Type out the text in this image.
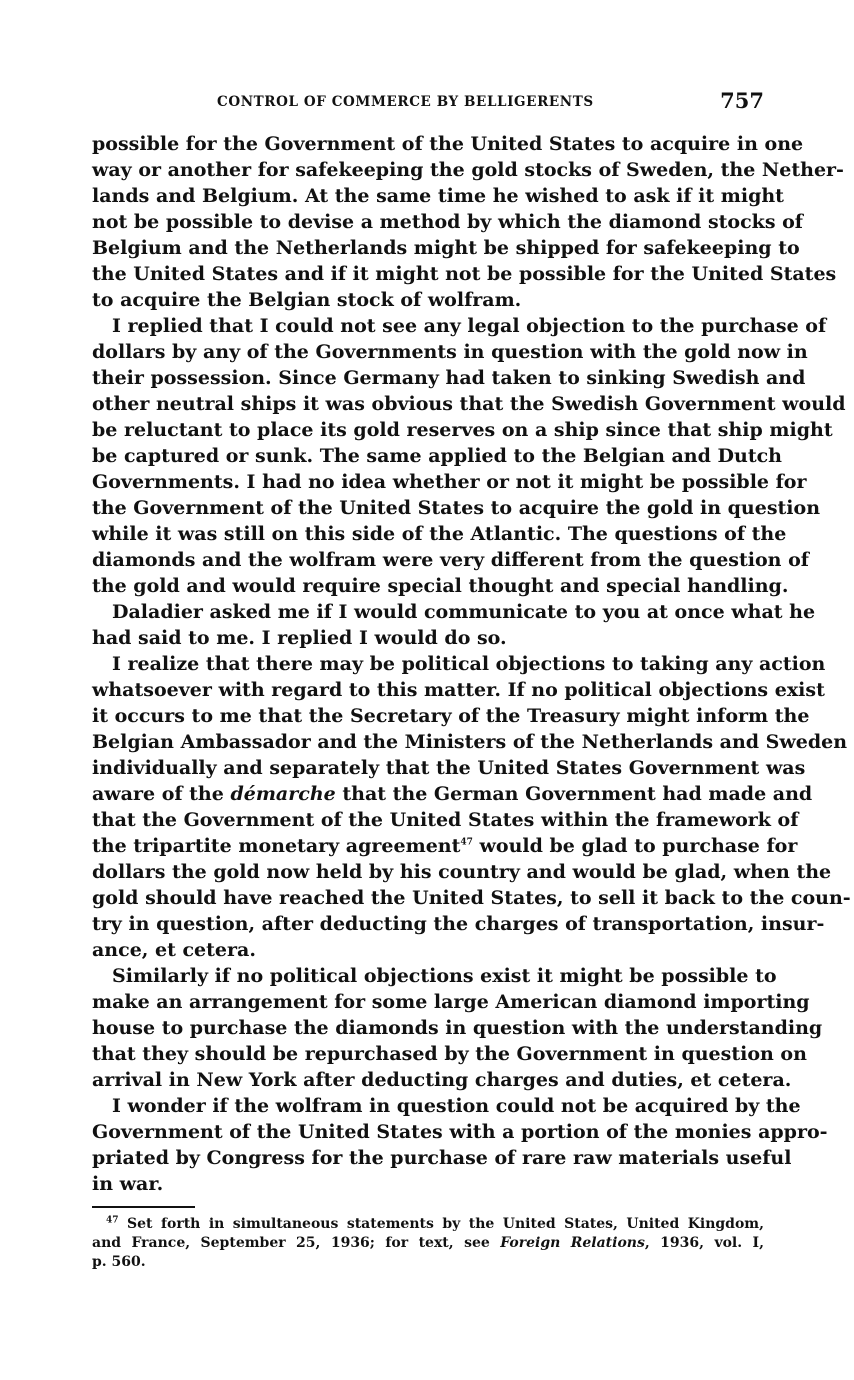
CONTROL OF COMMERCE BY BELLIGERENTS	757
possible for the Government of the United States to acquire in one
way or another for safekeeping the gold stocks of Sweden, the Nether-
lands and Belgium. At the same time he wished to ask if it might
not be possible to devise a method by which the diamond stocks of
Belgium and the Netherlands might be shipped for safekeeping to
the United States and if it might not be possible for the United States
to acquire the Belgian stock of wolfram.
I replied that I could not see any legal objection to the purchase of
dollars by any of the Governments in question with the gold now in
their possession. Since Germany had taken to sinking Swedish and
other neutral ships it was obvious that the Swedish Government would
be reluctant to place its gold reserves on a ship since that ship might
be captured or sunk. The same applied to the Belgian and Dutch
Governments. I had no idea whether or not it might be possible for
the Government of the United States to acquire the gold in question
while it was still on this side of the Atlantic. The questions of the
diamonds and the wolfram were very different from the question of
the gold and would require special thought and special handling.
Daladier asked me if I would communicate to you at once what he
had said to me. I replied I would do so.
I realize that there may be political objections to taking any action
whatsoever with regard to this matter. If no political objections exist
it occurs to me that the Secretary of the Treasury might inform the
Belgian Ambassador and the Ministers of the Netherlands and Sweden
individually and separately that the United States Government was
aware of the démarche that the German Government had made and
that the Government of the United States within the framework of
the tripartite monetary agreement$^{47}$ would be glad to purchase for
dollars the gold now held by his country and would be glad, when the
gold should have reached the United States, to sell it back to the coun-
try in question, after deducting the charges of transportation, insur-
ance, et cetera.
Similarly if no political objections exist it might be possible to
make an arrangement for some large American diamond importing
house to purchase the diamonds in question with the understanding
that they should be repurchased by the Government in question on
arrival in New York after deducting charges and duties, et cetera.
I wonder if the wolfram in question could not be acquired by the
Government of the United States with a portion of the monies appro-
priated by Congress for the purchase of rare raw materials useful
in war.
$^{47}$ Set forth in simultaneous statements by the United States, United Kingdom,
and France, September 25, 1936; for text, see Foreign Relations, 1936, vol. I,
p. 560.
